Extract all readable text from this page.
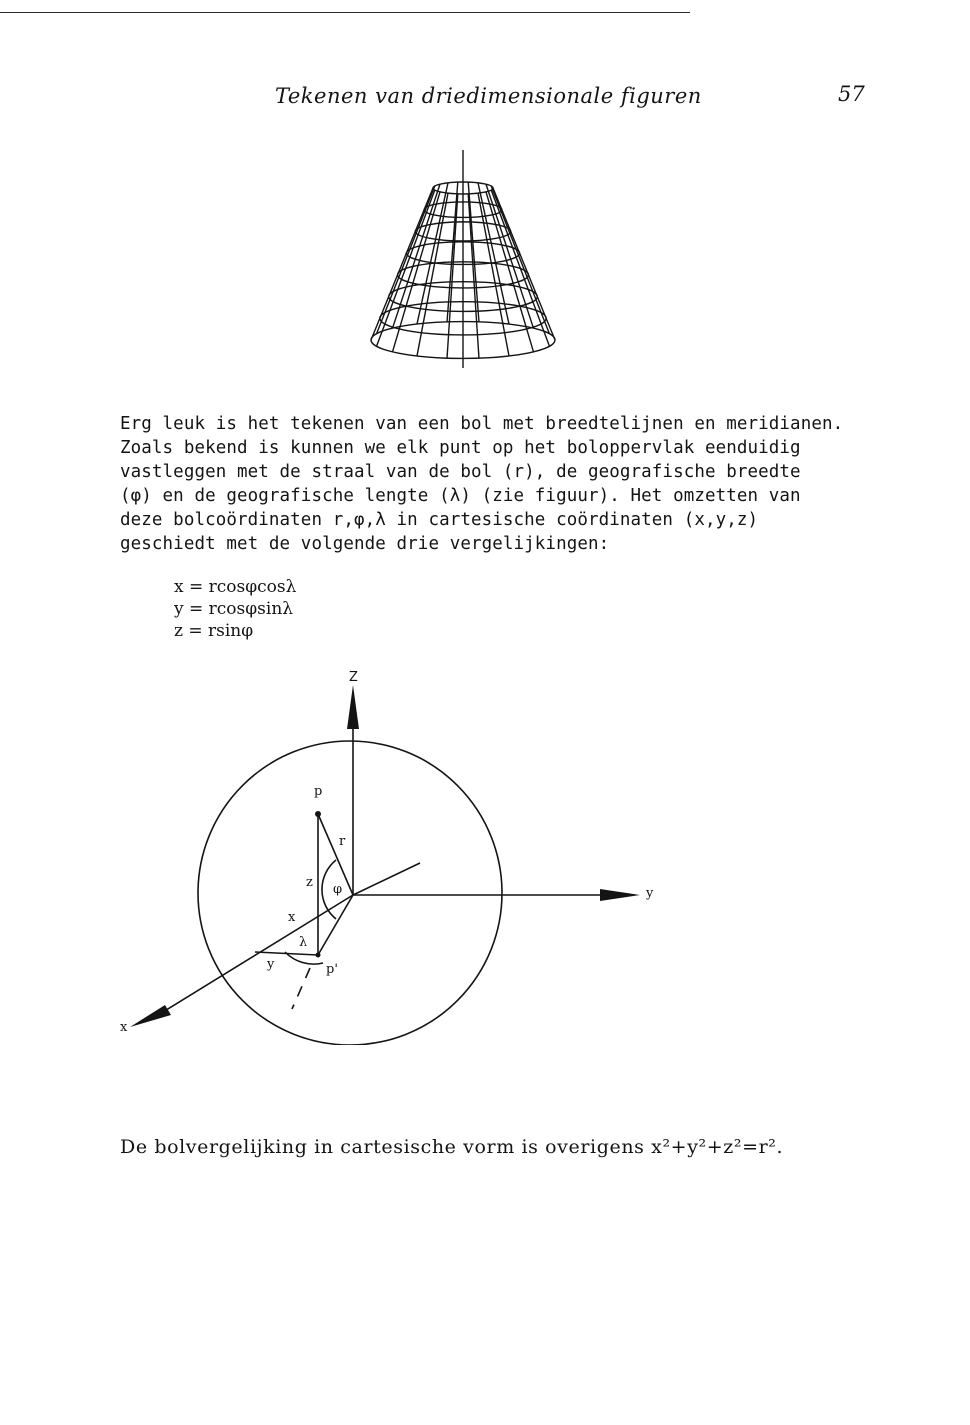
Tekenen van driedimensionale figuren	57
Erg leuk is het tekenen van een bol met breedtelijnen en meridianen.
Zoals bekend is kunnen we elk punt op het boloppervlak eenduidig
vastleggen met de straal van de bol (r), de geografische breedte
(φ) en de geografische lengte (λ) (zie figuur). Het omzetten van
deze bolcoördinaten r,φ,λ in cartesische coördinaten (x,y,z)
geschiedt met de volgende drie vergelijkingen:
x = rcosφcosλ
y = rcosφsinλ
z = rsinφ
Z
y
x
p
r
z φ
x
λ
y	p'
De bolvergelijking in cartesische vorm is overigens x²+y²+z²=r².
